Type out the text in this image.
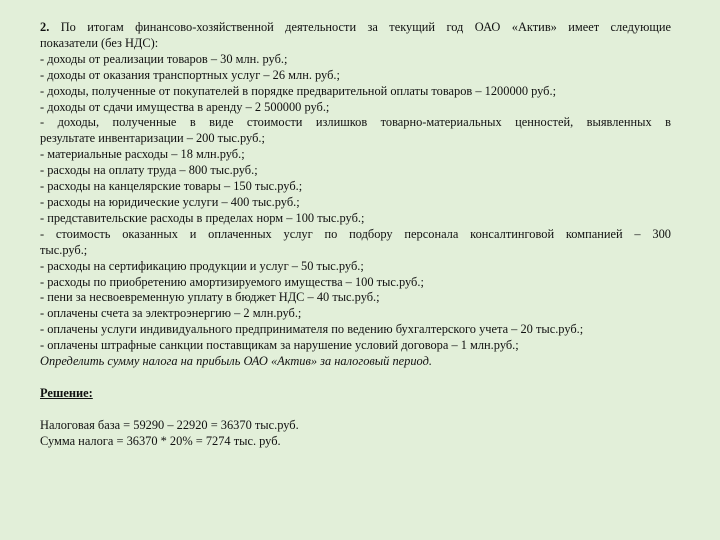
2. По итогам финансово-хозяйственной деятельности за текущий год ОАО «Актив» имеет следующие
показатели (без НДС):
- доходы от реализации товаров – 30 млн. руб.;
- доходы от оказания транспортных услуг – 26 млн. руб.;
- доходы, полученные от покупателей в порядке предварительной оплаты товаров – 1200000 руб.;
- доходы от сдачи имущества в аренду – 2 500000 руб.;
- доходы, полученные в виде стоимости излишков товарно-материальных ценностей, выявленных в
результате инвентаризации – 200 тыс.руб.;
- материальные расходы – 18 млн.руб.;
- расходы на оплату труда – 800 тыс.руб.;
- расходы на канцелярские товары – 150 тыс.руб.;
- расходы на юридические услуги – 400 тыс.руб.;
- представительские расходы в пределах норм – 100 тыс.руб.;
- стоимость оказанных и оплаченных услуг по подбору персонала консалтинговой компанией – 300
тыс.руб.;
- расходы на сертификацию продукции и услуг – 50 тыс.руб.;
- расходы по приобретению амортизируемого имущества – 100 тыс.руб.;
- пени за несвоевременную уплату в бюджет НДС – 40 тыс.руб.;
- оплачены счета за электроэнергию – 2 млн.руб.;
- оплачены услуги индивидуального предпринимателя по ведению бухгалтерского учета – 20 тыс.руб.;
- оплачены штрафные санкции поставщикам за нарушение условий договора – 1 млн.руб.;
Определить сумму налога на прибыль ОАО «Актив» за налоговый период.
Решение:
Налоговая база = 59290 – 22920 = 36370 тыс.руб.
Сумма налога = 36370 * 20% = 7274 тыс. руб.
